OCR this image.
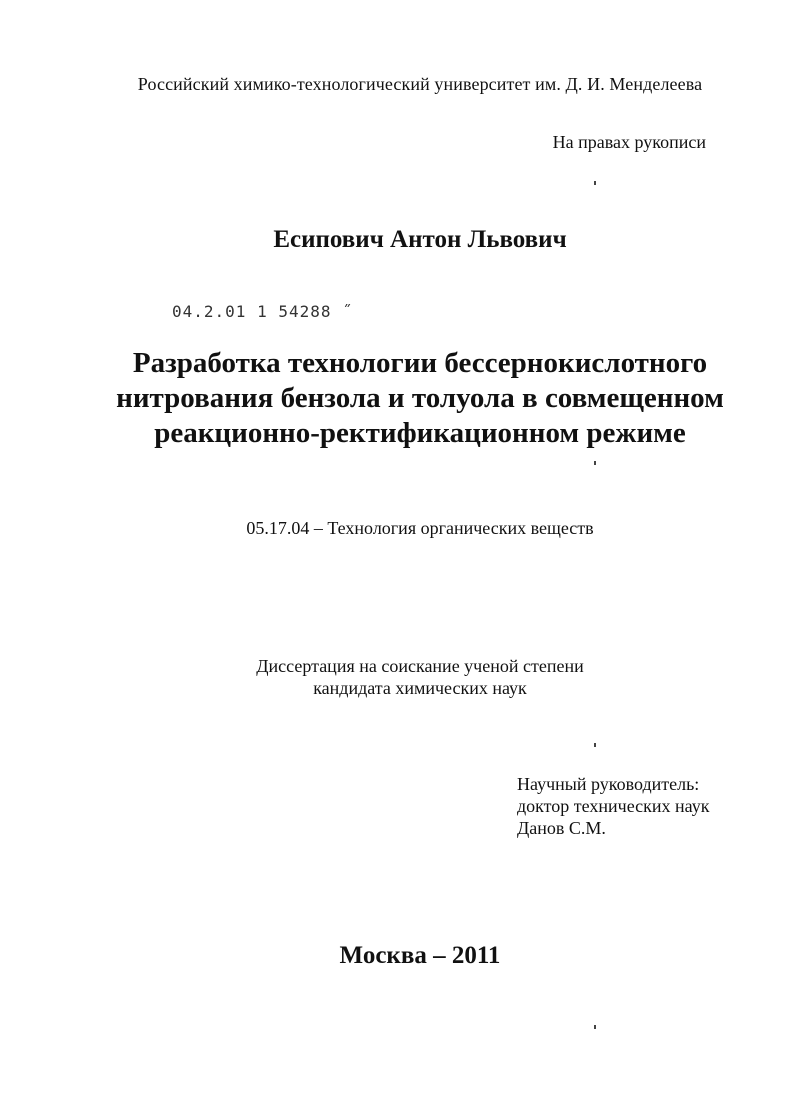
Российский химико-технологический университет им. Д. И. Менделеева
На правах рукописи
Есипович Антон Львович
04.2.01 1 54288 ˝
Разработка технологии бессернокислотного
нитрования бензола и толуола в совмещенном
реакционно-ректификационном режиме
05.17.04 – Технология органических веществ
Диссертация на соискание ученой степени
кандидата химических наук
Научный руководитель:
доктор технических наук
Данов С.М.
Москва – 2011
